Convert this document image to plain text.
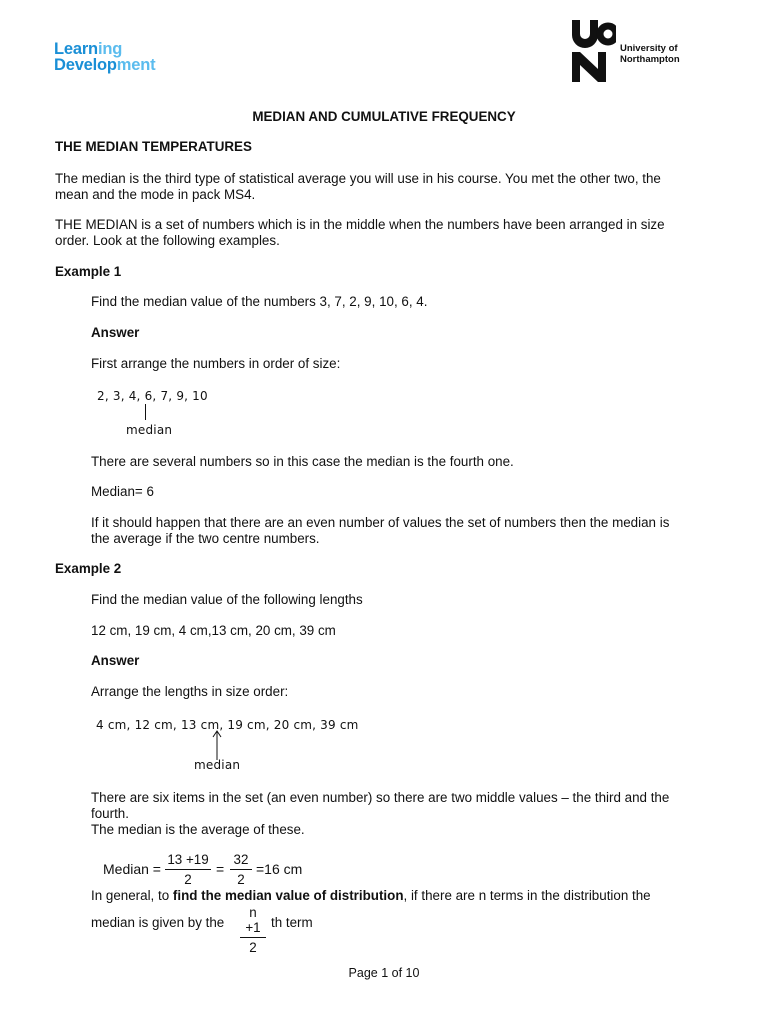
Learning
Development
University of
Northampton
MEDIAN AND CUMULATIVE FREQUENCY
THE MEDIAN TEMPERATURES
The median is the third type of statistical average you will use in his course. You met the other two, the
mean and the mode in pack MS4.
THE MEDIAN is a set of numbers which is in the middle when the numbers have been arranged in size
order. Look at the following examples.
Example 1
Find the median value of the numbers 3, 7, 2, 9, 10, 6, 4.
Answer
First arrange the numbers in order of size:
2, 3, 4, 6, 7, 9, 10
median
There are several numbers so in this case the median is the fourth one.
Median= 6
If it should happen that there are an even number of values the set of numbers then the median is
the average if the two centre numbers.
Example 2
Find the median value of the following lengths
12 cm, 19 cm, 4 cm,13 cm, 20 cm, 39 cm
Answer
Arrange the lengths in size order:
4 cm, 12 cm, 13 cm, 19 cm, 20 cm, 39 cm
median
There are six items in the set (an even number) so there are two middle values – the third and the
fourth.
The median is the average of these.
Median =
13 +19
2
=
32
2
=16 cm
In general, to find the median value of distribution, if there are n terms in the distribution the
median is given by the
n +1
2
th term
Page 1 of 10
